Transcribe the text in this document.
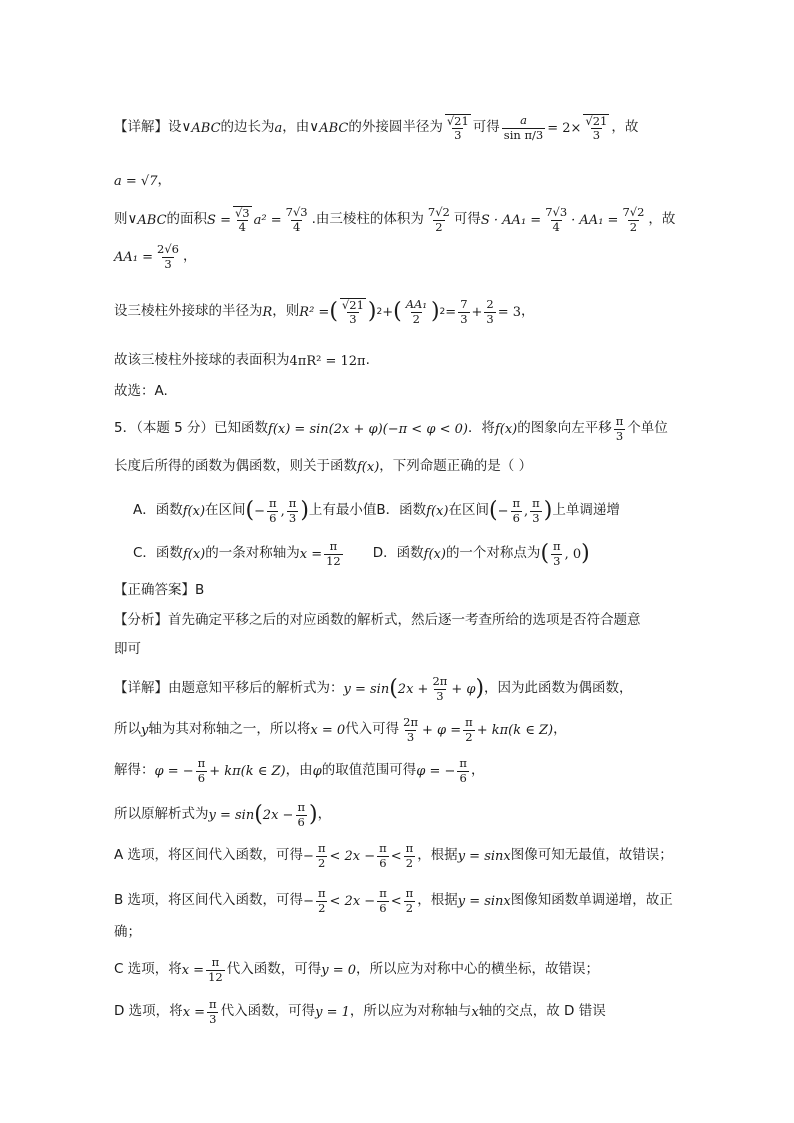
【详解】 设∨ ABC 的边长为 a ，由∨ ABC 的外接圆半径为 $\frac{√21}{3}$ 可得 $\frac{a}{\text{sin π/3}} = 2\times \frac{√21}{3}$ ，故
a = √7 ，
则∨ ABC 的面积 $S = \frac{√3}{4} a^2 = \frac{7√3}{4}$ .由三棱柱的体积为 $\frac{7√2}{2}$ 可得 $S \cdot AA_1 = \frac{7√3}{4} \cdot AA_1 = \frac{7√2}{2}$ ，故
$AA_1 = \frac{2√6}{3}$ ，
设三棱柱外接球的半径为 R ，则 R² = ( $\frac{√21}{3}$ ) 2 + ( $\frac{\text{AA₁}}{2}$ ) $2 = \frac{7}{3} + \frac{2}{3} = 3$ ，
故该三棱柱外接球的表面积为 4πR² = 12π .
故选：A.
5．（本题 5 分）已知函数 f(x) = sin(2x + φ)(−π < φ < 0) ．将 f(x) 的图象向左平移 $\frac{\pi}{3}$ 个单位
长度后所得的函数为偶函数，则关于函数 f(x) ，下列命题正确的是（ ）
A．函数 f(x) 在区间 ( − $\frac{\pi}{6}$ , $\frac{\pi}{3}$ ) 上有最小值 B．函数 f(x) 在区间 ( − $\frac{\pi}{6}$ , $\frac{\pi}{3}$ ) 上单调递增
C．函数 f(x) 的一条对称轴为 $x = \frac{\pi}{12}$ D．函数 f(x) 的一个对称点为 ( $\frac{\pi}{3}$ , 0 )
【正确答案】B
【分析】首先确定平移之后的对应函数的解析式，然后逐一考查所给的选项是否符合题意
即可
【详解】由题意知平移后的解析式为： y = sin ( $2x + \frac{2\pi}{3} + \varphi$ ) ，因为此函数为偶函数，
所以 y 轴为其对称轴之一，所以将 x = 0 代入可得 $\frac{2\pi}{3} + \varphi = \frac{\pi}{2} + k\pi(k$ ∈ Z) ，
解得： φ = − $\frac{\pi}{6} + k\pi(k$ ∈ Z) ，由 φ 的取值范围可得 φ = − $\frac{\pi}{6}$ ，
所以原解析式为 y = sin ( $2x - \frac{\pi}{6}$ ) ，
A 选项，将区间代入函数，可得 − $\frac{\pi}{2} < 2x - \frac{\pi}{6} < \frac{\pi}{2}$ ，根据 y = sinx 图像可知无最值，故错误；
B 选项，将区间代入函数，可得 − $\frac{\pi}{2} < 2x - \frac{\pi}{6} < \frac{\pi}{2}$ ，根据 y = sinx 图像知函数单调递增，故正
确；
C 选项，将 $x = \frac{\pi}{12}$ 代入函数，可得 y = 0 ，所以应为对称中心的横坐标，故错误；
D 选项，将 $x = \frac{\pi}{3}$ 代入函数，可得 y = 1 ，所以应为对称轴与 x 轴的交点，故 D 错误
